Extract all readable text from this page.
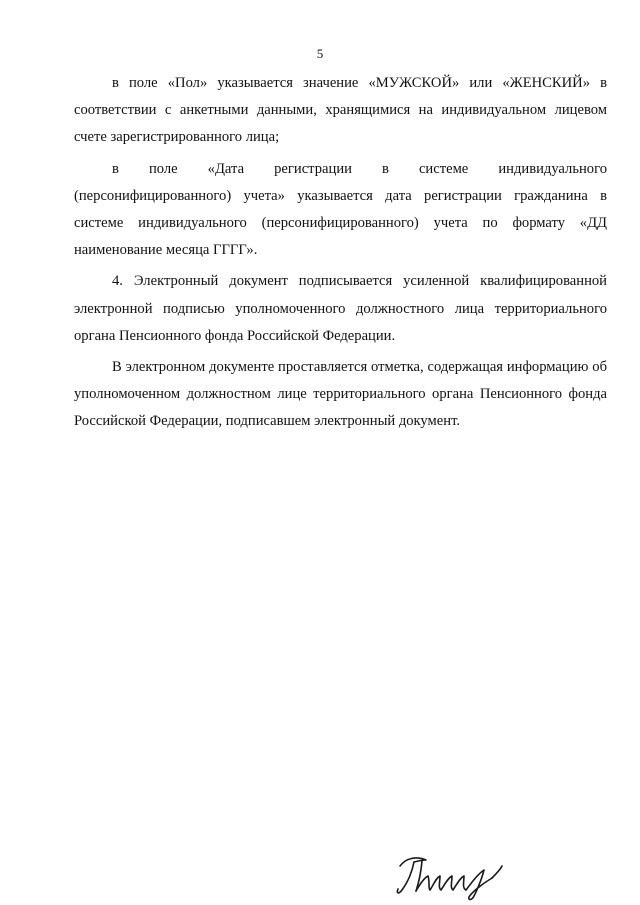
5

в поле «Пол» указывается значение «МУЖСКОЙ» или «ЖЕНСКИЙ» в соответствии с анкетными данными, хранящимися на индивидуальном лицевом счете зарегистрированного лица;

в поле «Дата регистрации в системе индивидуального (персонифицированного) учета» указывается дата регистрации гражданина в системе индивидуального (персонифицированного) учета по формату «ДД наименование месяца ГГГГ».

4. Электронный документ подписывается усиленной квалифицированной электронной подписью уполномоченного должностного лица территориального органа Пенсионного фонда Российской Федерации.

В электронном документе проставляется отметка, содержащая информацию об уполномоченном должностном лице территориального органа Пенсионного фонда Российской Федерации, подписавшем электронный документ.
